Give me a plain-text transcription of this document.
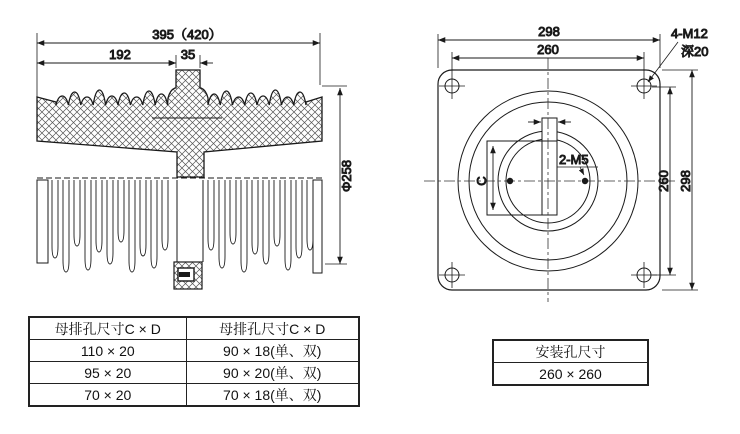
395（420）
192	35
Φ258	C
2-M5
298
260
260 298
4-M12
深20
母排孔尺寸C × D	母排孔尺寸C × D
110 × 20	90 × 18(单、双)
95 × 20	90 × 20(单、双)
70 × 20	70 × 18(单、双)
安装孔尺寸
260 × 260
